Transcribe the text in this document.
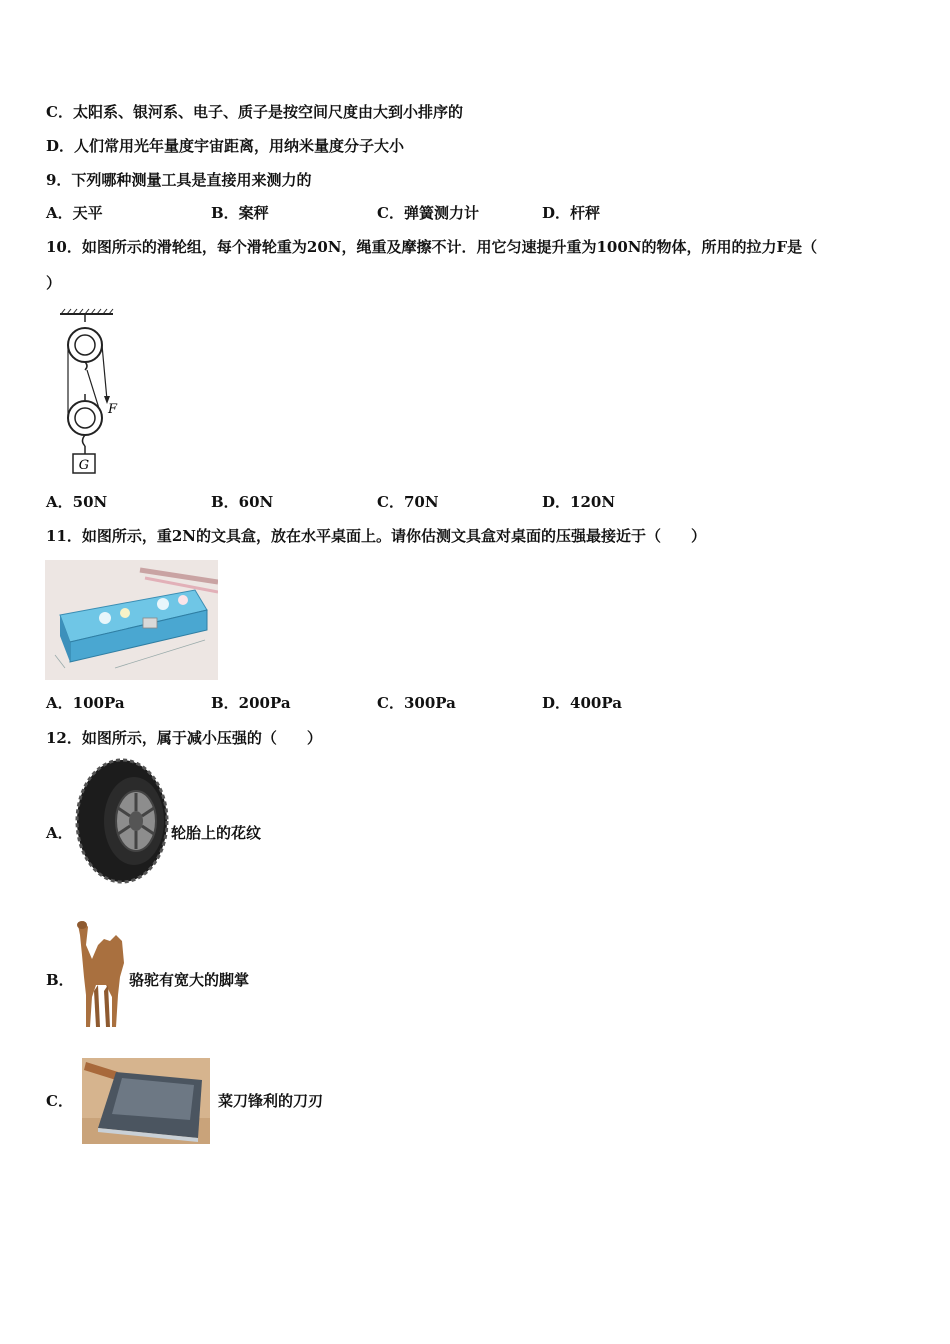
C．太阳系、银河系、电子、质子是按空间尺度由大到小排序的
D．人们常用光年量度宇宙距离，用纳米量度分子大小
9．下列哪种测量工具是直接用来测力的
A．天平	B．案秤	C．弹簧测力计	D．杆秤
10．如图所示的滑轮组，每个滑轮重为20N，绳重及摩擦不计．用它匀速提升重为100N的物体，所用的拉力F是（
）
G
F
A．50N	B．60N	C．70N	D．120N
11．如图所示，重2N的文具盒，放在水平桌面上。请你估测文具盒对桌面的压强最接近于（　　）
A．100Pa	B．200Pa	C．300Pa	D．400Pa
12．如图所示，属于减小压强的（　　）
A．	轮胎上的花纹
B．	骆驼有宽大的脚掌
C．	菜刀锋利的刀刃
